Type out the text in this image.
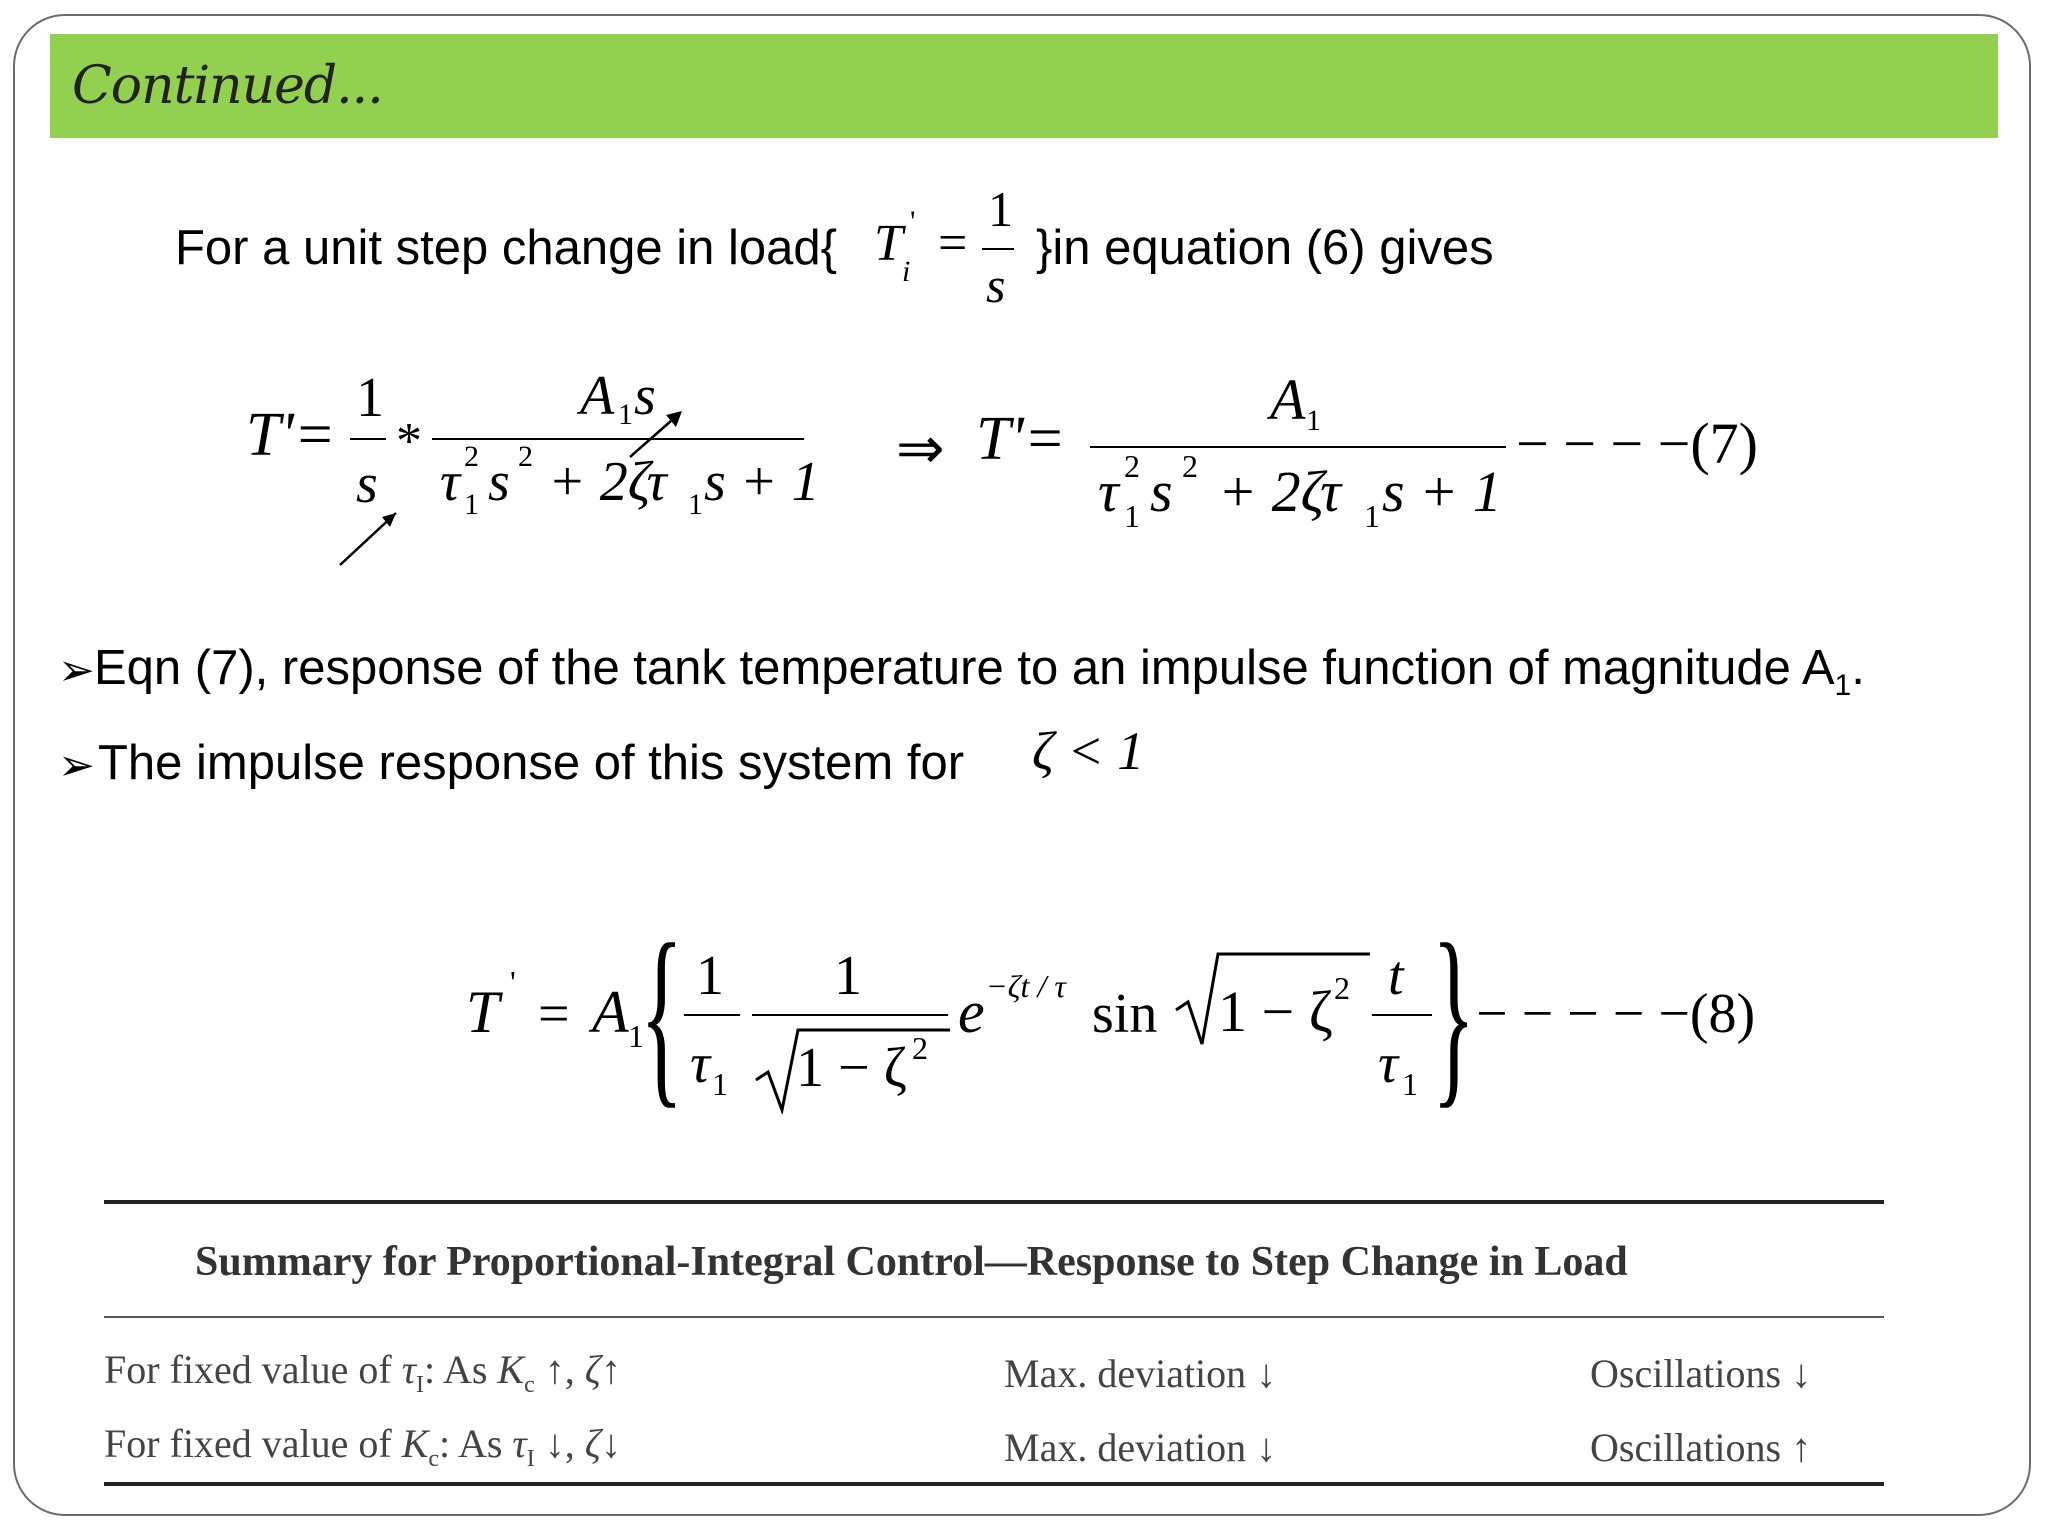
Continued...
For a unit step change in load{ T '
i =
1
s
}in equation (6) gives
T'=
1
s
*
A 1 s
τ 2
1 s 2 + 2ζτ 1 s + 1
⇒ T'=
A 1
τ 2
1 s 2 + 2ζτ 1 s + 1
− − − −(7)
➢ Eqn (7), response of the tank temperature to an impulse function of magnitude $A_1$.
➢ The impulse response of this system for ζ < 1
T '
= A 1
{ 1
τ 1
1
1 − ζ 2
e −ζt / τ sin 1 − ζ 2 t
τ 1 } − − − − −(8)
Summary for Proportional-Integral Control—Response to Step Change in Load
For fixed value of $\tau_I$: As $K_c$ ↑, ζ↑	Max. deviation ↓	Oscillations ↓
For fixed value of $K_c$: As $\tau_I$ ↓, ζ↓	Max. deviation ↓	Oscillations ↑
